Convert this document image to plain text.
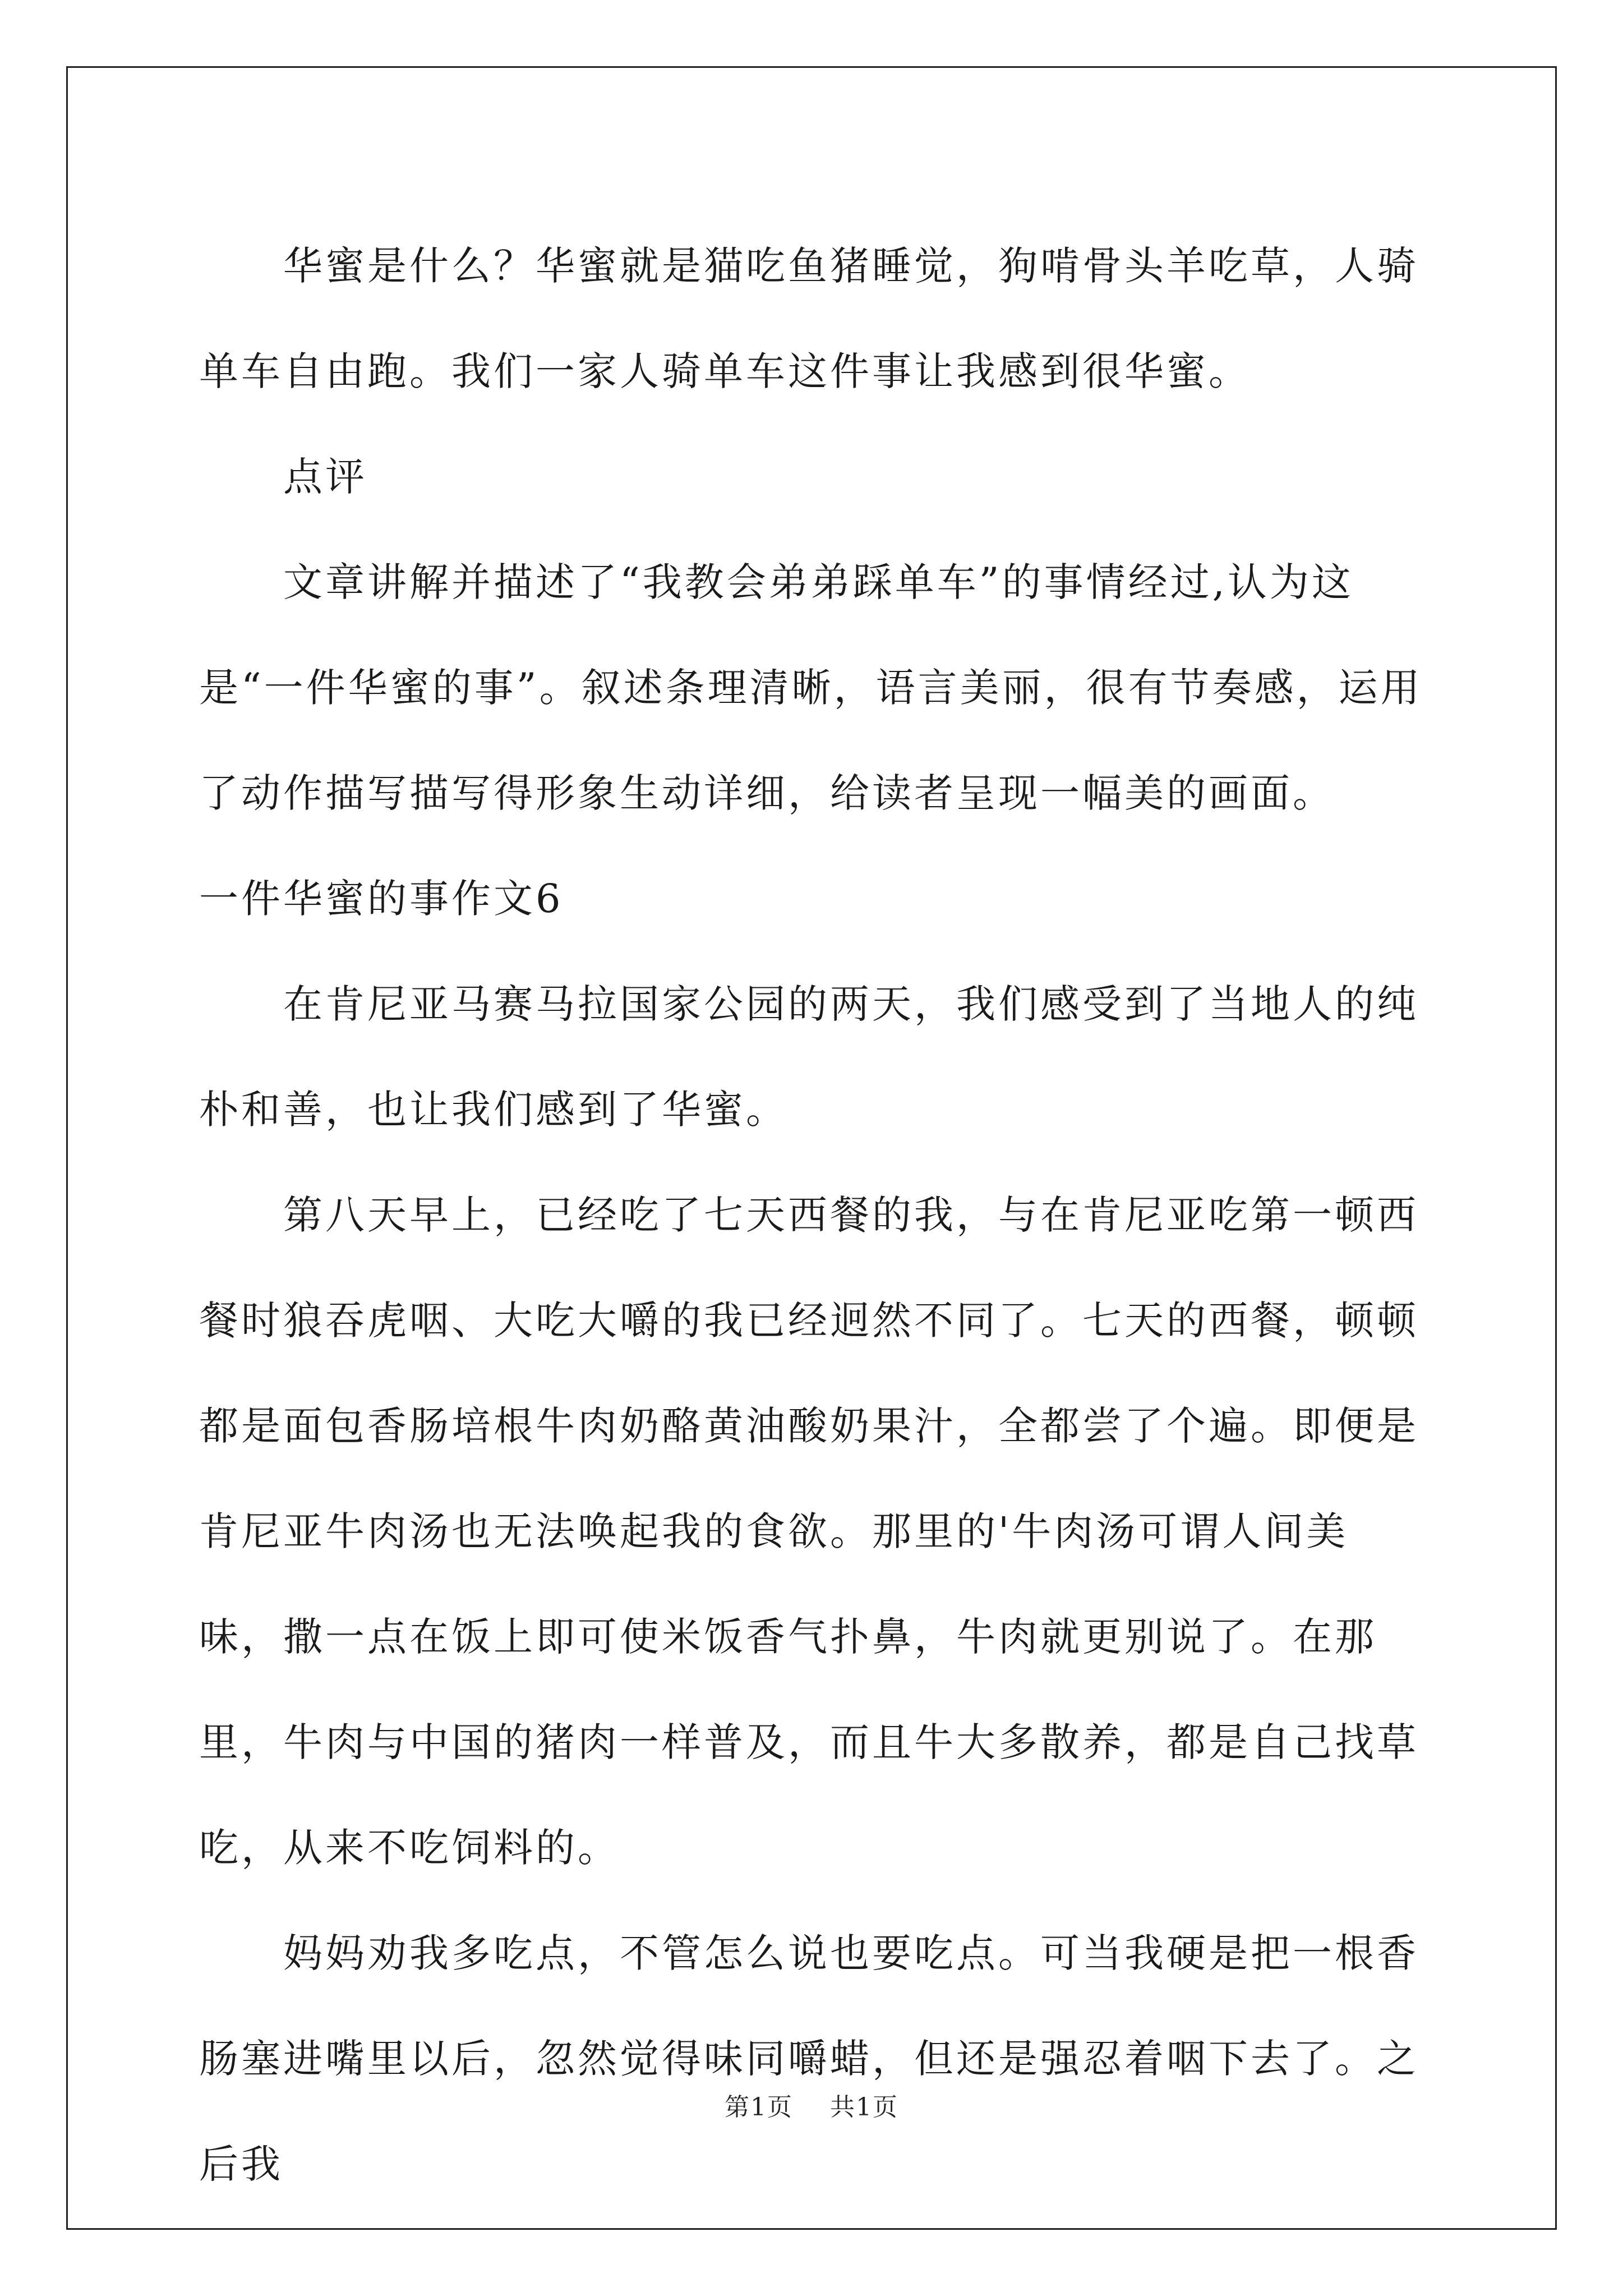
华蜜是什么？华蜜就是猫吃鱼猪睡觉，狗啃骨头羊吃草，人骑单车自由跑。我们一家人骑单车这件事让我感到很华蜜。

点评

文章讲解并描述了“我教会弟弟踩单车”的事情经过,认为这是“一件华蜜的事”。叙述条理清晰，语言美丽，很有节奏感，运用了动作描写描写得形象生动详细，给读者呈现一幅美的画面。

一件华蜜的事作文6

在肯尼亚马赛马拉国家公园的两天，我们感受到了当地人的纯朴和善，也让我们感到了华蜜。

第八天早上，已经吃了七天西餐的我，与在肯尼亚吃第一顿西餐时狼吞虎咽、大吃大嚼的我已经迥然不同了。七天的西餐，顿顿都是面包香肠培根牛肉奶酪黄油酸奶果汁，全都尝了个遍。即便是肯尼亚牛肉汤也无法唤起我的食欲。那里的'牛肉汤可谓人间美味，撒一点在饭上即可使米饭香气扑鼻，牛肉就更别说了。在那里，牛肉与中国的猪肉一样普及，而且牛大多散养，都是自己找草吃，从来不吃饲料的。

妈妈劝我多吃点，不管怎么说也要吃点。可当我硬是把一根香肠塞进嘴里以后，忽然觉得味同嚼蜡，但还是强忍着咽下去了。之后我

第1页 共1页
